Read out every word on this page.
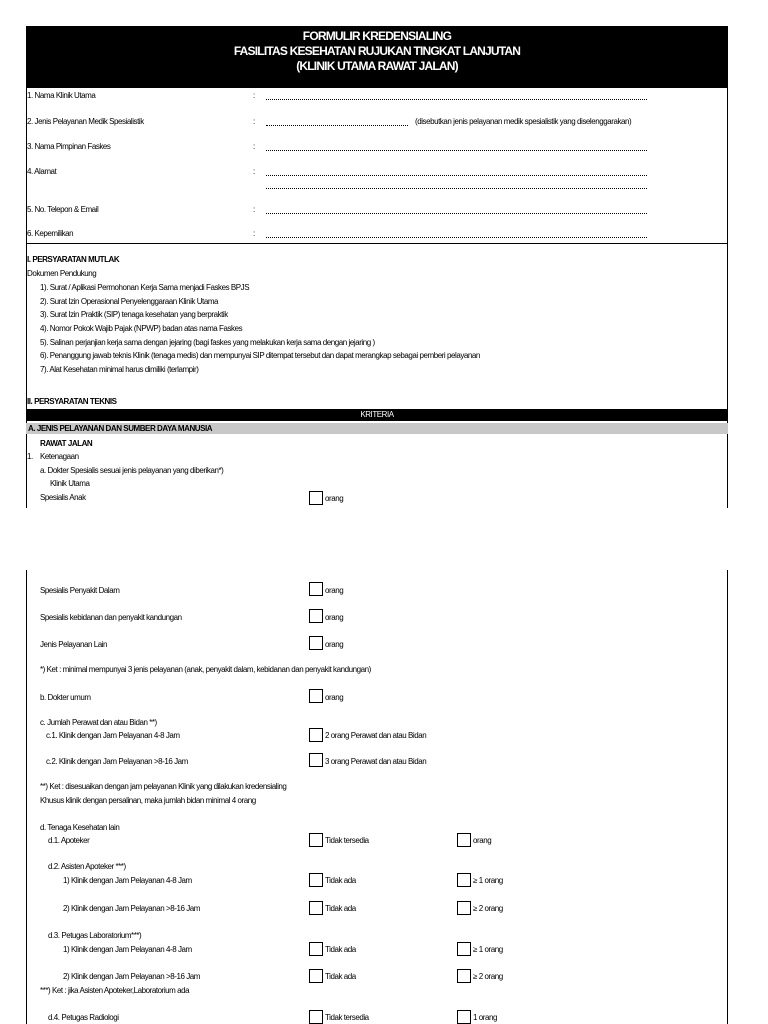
FORMULIR KREDENSIALING
FASILITAS KESEHATAN RUJUKAN TINGKAT LANJUTAN
(KLINIK UTAMA RAWAT JALAN)
1. Nama Klinik Utama	:
2. Jenis Pelayanan Medik Spesialistik	:	(disebutkan jenis pelayanan medik spesialistik yang diselenggarakan)
3. Nama Pimpinan Faskes	:
4. Alamat	:
5. No. Telepon & Email	:
6. Kepemilikan	:
I. PERSYARATAN MUTLAK
Dokumen Pendukung
1). Surat / Aplikasi Permohonan Kerja Sama menjadi Faskes BPJS
2). Surat Izin Operasional Penyelenggaraan Klinik Utama
3). Surat Izin Praktik (SIP) tenaga kesehatan yang berpraktik
4). Nomor Pokok Wajib Pajak (NPWP) badan atas nama Faskes
5). Salinan perjanjian kerja sama dengan jejaring (bagi faskes yang melakukan kerja sama dengan jejaring )
6). Penanggung jawab teknis Klinik (tenaga medis) dan mempunyai SIP ditempat tersebut dan dapat merangkap sebagai pemberi pelayanan
7). Alat Kesehatan minimal harus dimiliki (terlampir)
II. PERSYARATAN TEKNIS
KRITERIA
A. JENIS PELAYANAN DAN SUMBER DAYA MANUSIA
RAWAT JALAN
1. Ketenagaan
a. Dokter Spesialis sesuai jenis pelayanan yang diberikan*)
Klinik Utama
Spesialis Anak	orang
Spesialis Penyakit Dalam	orang
Spesialis kebidanan dan penyakit kandungan	orang
Jenis Pelayanan Lain	orang
*) Ket : minimal mempunyai 3 jenis pelayanan (anak, penyakit dalam, kebidanan dan penyakit kandungan)
b. Dokter umum	orang
c. Jumlah Perawat dan atau Bidan **)
c.1. Klinik dengan Jam Pelayanan 4-8 Jam	2 orang Perawat dan atau Bidan
c.2. Klinik dengan Jam Pelayanan >8-16 Jam	3 orang Perawat dan atau Bidan
**) Ket : disesuaikan dengan jam pelayanan Klinik yang dilakukan kredensialing
Khusus klinik dengan persalinan, maka jumlah bidan minimal 4 orang
d. Tenaga Kesehatan lain
d.1. Apoteker	Tidak tersedia	orang
d.2. Asisten Apoteker ***)
1) Klinik dengan Jam Pelayanan 4-8 Jam	Tidak ada	≥ 1 orang
2) Klinik dengan Jam Pelayanan >8-16 Jam	Tidak ada	≥ 2 orang
d.3. Petugas Laboratorium***)
1) Klinik dengan Jam Pelayanan 4-8 Jam	Tidak ada	≥ 1 orang
2) Klinik dengan Jam Pelayanan >8-16 Jam	Tidak ada	≥ 2 orang
***) Ket : jika Asisten Apoteker,Laboratorium ada
d.4. Petugas Radiologi	Tidak tersedia	1 orang
